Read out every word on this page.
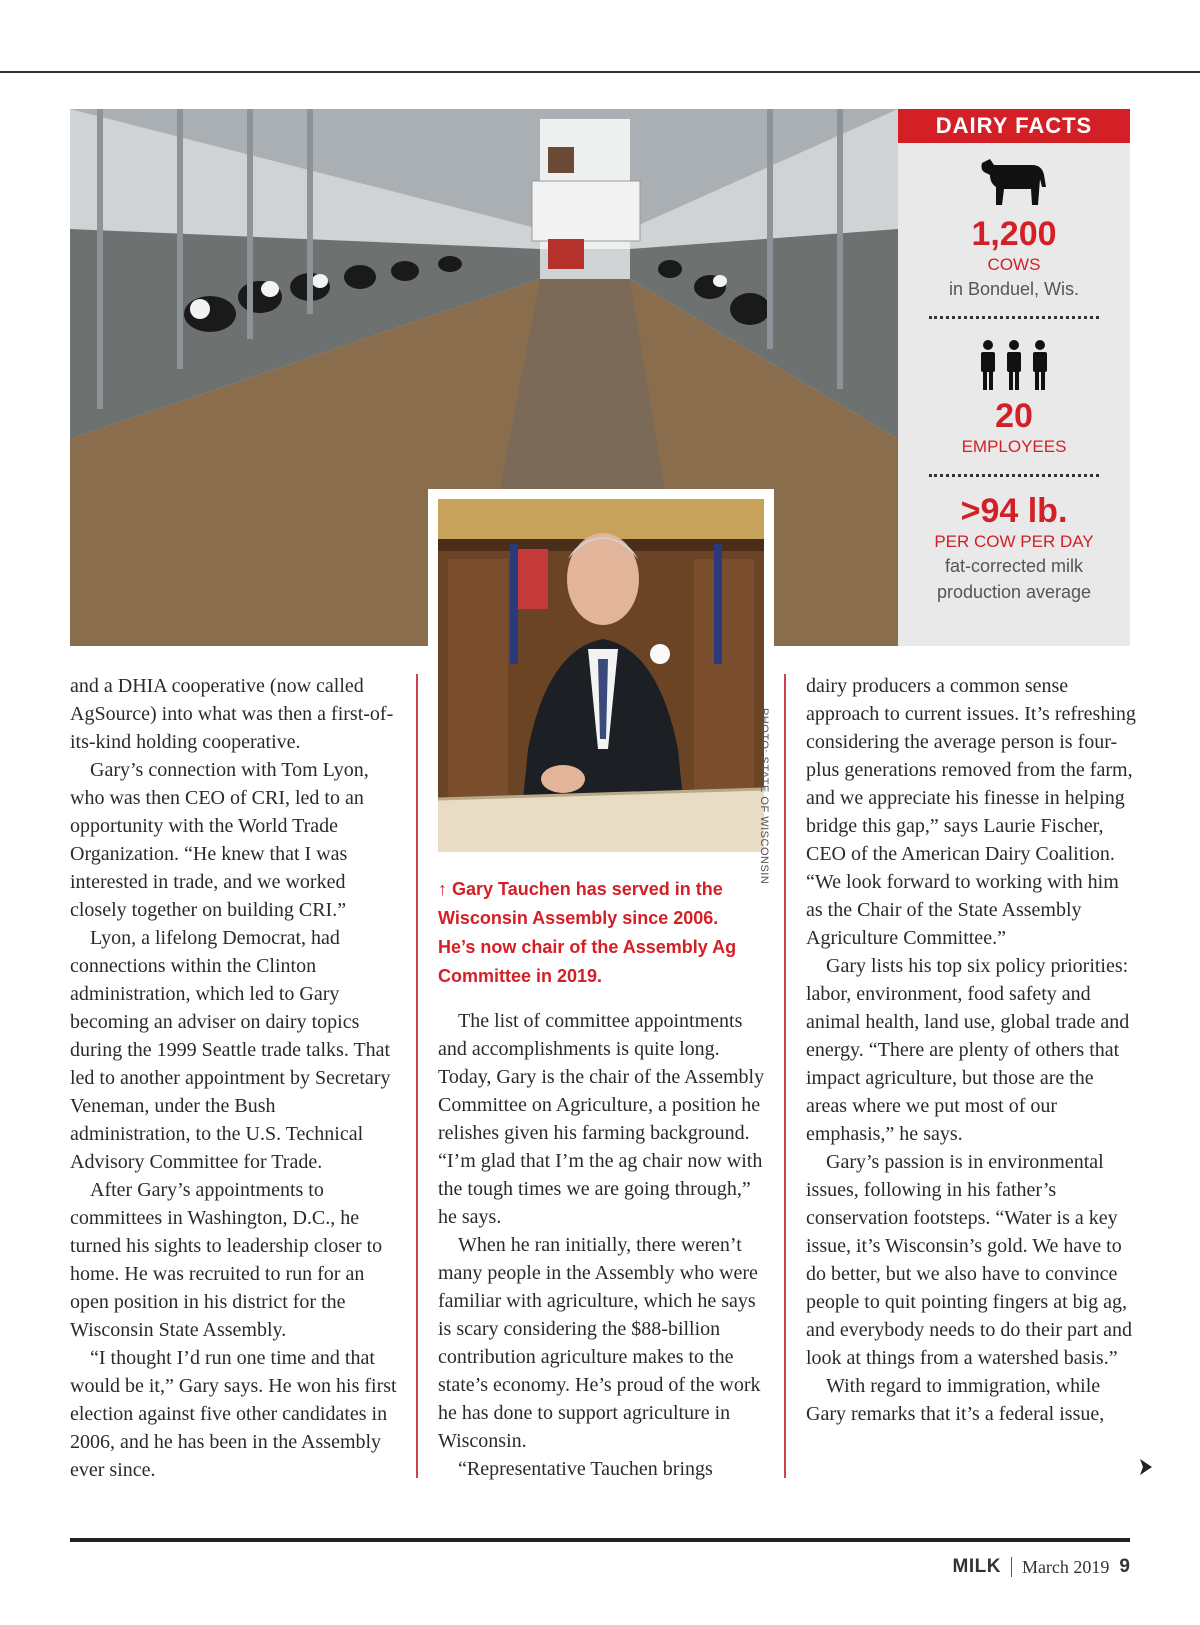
DAIRY FACTS
1,200
COWS
in Bonduel, Wis.
20
EMPLOYEES
>94 lb.
PER COW PER DAY
fat-corrected milk
production average
PHOTO: STATE OF WISCONSIN
↑ Gary Tauchen has served in the Wisconsin Assembly since 2006. He’s now chair of the Assembly Ag Committee in 2019.

and a DHIA cooperative (now called AgSource) into what was then a first-of-its-kind holding cooperative.

Gary’s connection with Tom Lyon, who was then CEO of CRI, led to an opportunity with the World Trade Organization. “He knew that I was interested in trade, and we worked closely together on building CRI.”

Lyon, a lifelong Democrat, had connections within the Clinton administration, which led to Gary becoming an adviser on dairy topics during the 1999 Seattle trade talks. That led to another appointment by Secretary Veneman, under the Bush administration, to the U.S. Technical Advisory Committee for Trade.

After Gary’s appointments to committees in Washington, D.C., he turned his sights to leadership closer to home. He was recruited to run for an open position in his district for the Wisconsin State Assembly.

“I thought I’d run one time and that would be it,” Gary says. He won his first election against five other candidates in 2006, and he has been in the Assembly ever since.

The list of committee appointments and accomplishments is quite long. Today, Gary is the chair of the Assembly Committee on Agriculture, a position he relishes given his farming background. “I’m glad that I’m the ag chair now with the tough times we are going through,” he says.

When he ran initially, there weren’t many people in the Assembly who were familiar with agriculture, which he says is scary considering the $88-billion contribution agriculture makes to the state’s economy. He’s proud of the work he has done to support agriculture in Wisconsin.

“Representative Tauchen brings

dairy producers a common sense approach to current issues. It’s refreshing considering the average person is four-plus generations removed from the farm, and we appreciate his finesse in helping bridge this gap,” says Laurie Fischer, CEO of the American Dairy Coalition. “We look forward to working with him as the Chair of the State Assembly Agriculture Committee.”

Gary lists his top six policy priorities: labor, environment, food safety and animal health, land use, global trade and energy. “There are plenty of others that impact agriculture, but those are the areas where we put most of our emphasis,” he says.

Gary’s passion is in environmental issues, following in his father’s conservation footsteps. “Water is a key issue, it’s Wisconsin’s gold. We have to do better, but we also have to convince people to quit pointing fingers at big ag, and everybody needs to do their part and look at things from a watershed basis.”

With regard to immigration, while Gary remarks that it’s a federal issue,

MILK March 2019 9
